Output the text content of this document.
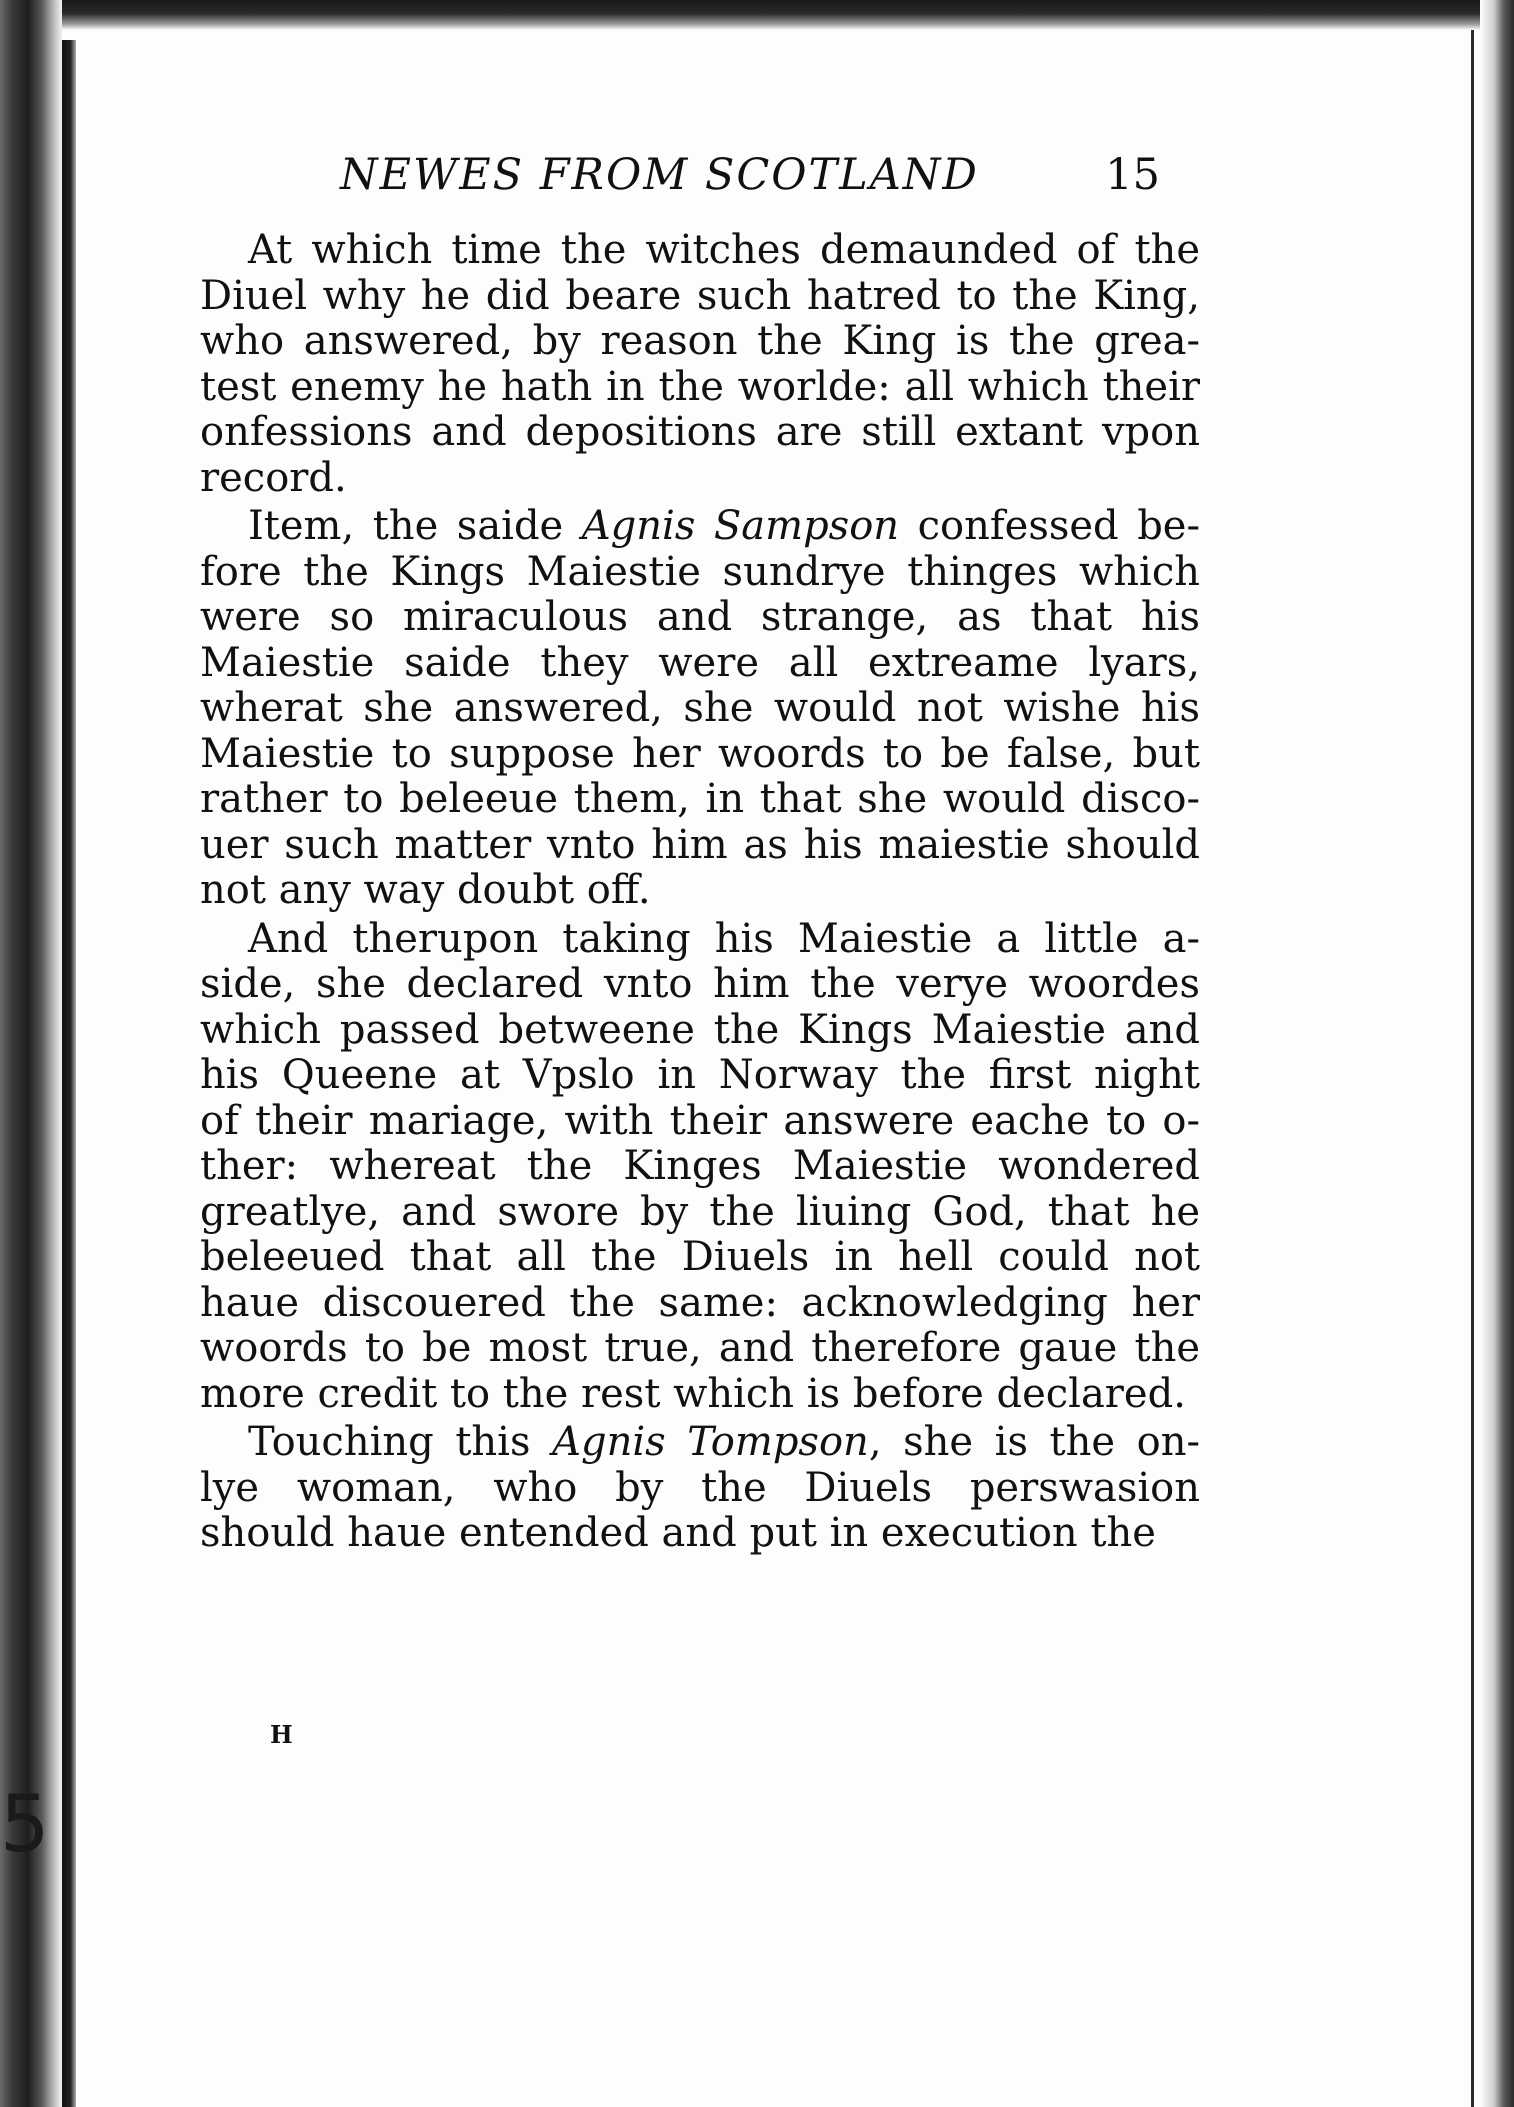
5
NEWES FROM SCOTLAND	15

At which time the witches demaunded of the
Diuel why he did beare such hatred to the King,
who answered, by reason the King is the grea-
test enemy he hath in the worlde: all which their
onfessions and depositions are still extant vpon
record.

Item, the saide Agnis Sampson confessed be-
fore the Kings Maiestie sundrye thinges which
were so miraculous and strange, as that his
Maiestie saide they were all extreame lyars,
wherat she answered, she would not wishe his
Maiestie to suppose her woords to be false, but
rather to beleeue them, in that she would disco-
uer such matter vnto him as his maiestie should
not any way doubt off.

And therupon taking his Maiestie a little a-
side, she declared vnto him the verye woordes
which passed betweene the Kings Maiestie and
his Queene at Vpslo in Norway the first night
of their mariage, with their answere eache to o-
ther: whereat the Kinges Maiestie wondered
greatlye, and swore by the liuing God, that he
beleeued that all the Diuels in hell could not
haue discouered the same: acknowledging her
woords to be most true, and therefore gaue the
more credit to the rest which is before declared.

Touching this Agnis Tompson, she is the on-
lye woman, who by the Diuels perswasion
should haue entended and put in execution the

H
